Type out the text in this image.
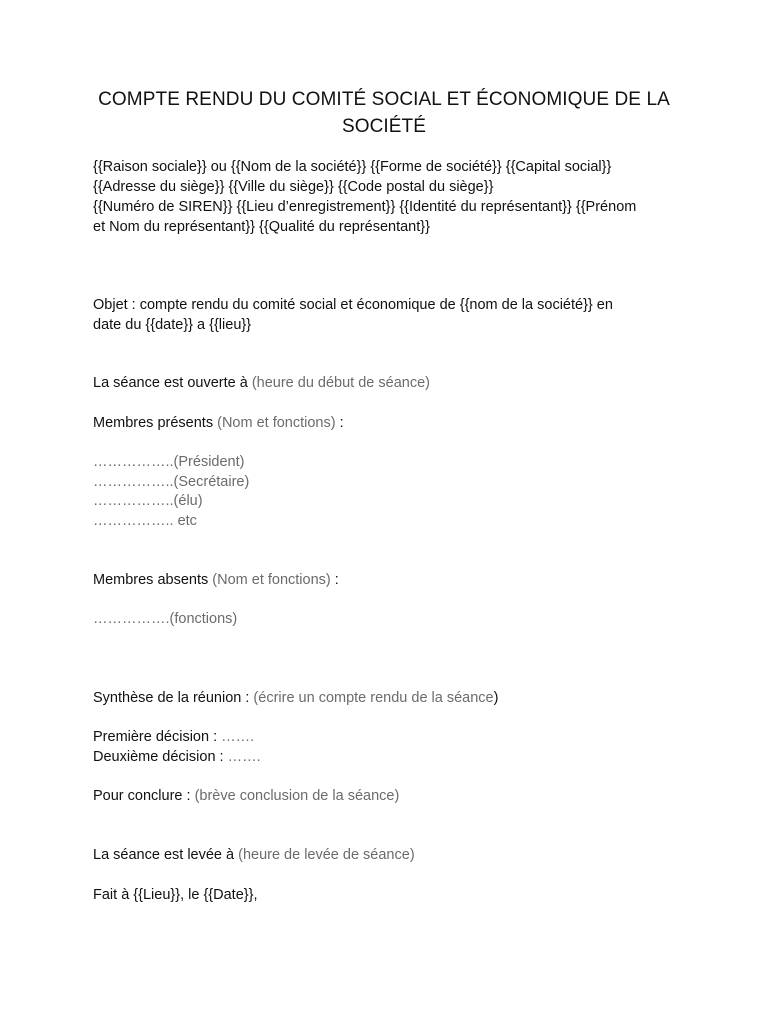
COMPTE RENDU DU COMITÉ SOCIAL ET ÉCONOMIQUE DE LA
SOCIÉTÉ
{{Raison sociale}} ou {{Nom de la société}} {{Forme de société}} {{Capital social}}
{{Adresse du siège}} {{Ville du siège}} {{Code postal du siège}}
{{Numéro de SIREN}} {{Lieu d’enregistrement}} {{Identité du représentant}} {{Prénom
et Nom du représentant}} {{Qualité du représentant}}
Objet : compte rendu du comité social et économique de {{nom de la société}} en
date du {{date}} a {{lieu}}
La séance est ouverte à (heure du début de séance)
Membres présents (Nom et fonctions) :
……………..(Président)
……………..(Secrétaire)
……………..(élu)
…………….. etc
Membres absents (Nom et fonctions) :
…………….(fonctions)
Synthèse de la réunion : (écrire un compte rendu de la séance)
Première décision : …….
Deuxième décision : …….
Pour conclure : (brève conclusion de la séance)
La séance est levée à (heure de levée de séance)
Fait à {{Lieu}}, le {{Date}},
